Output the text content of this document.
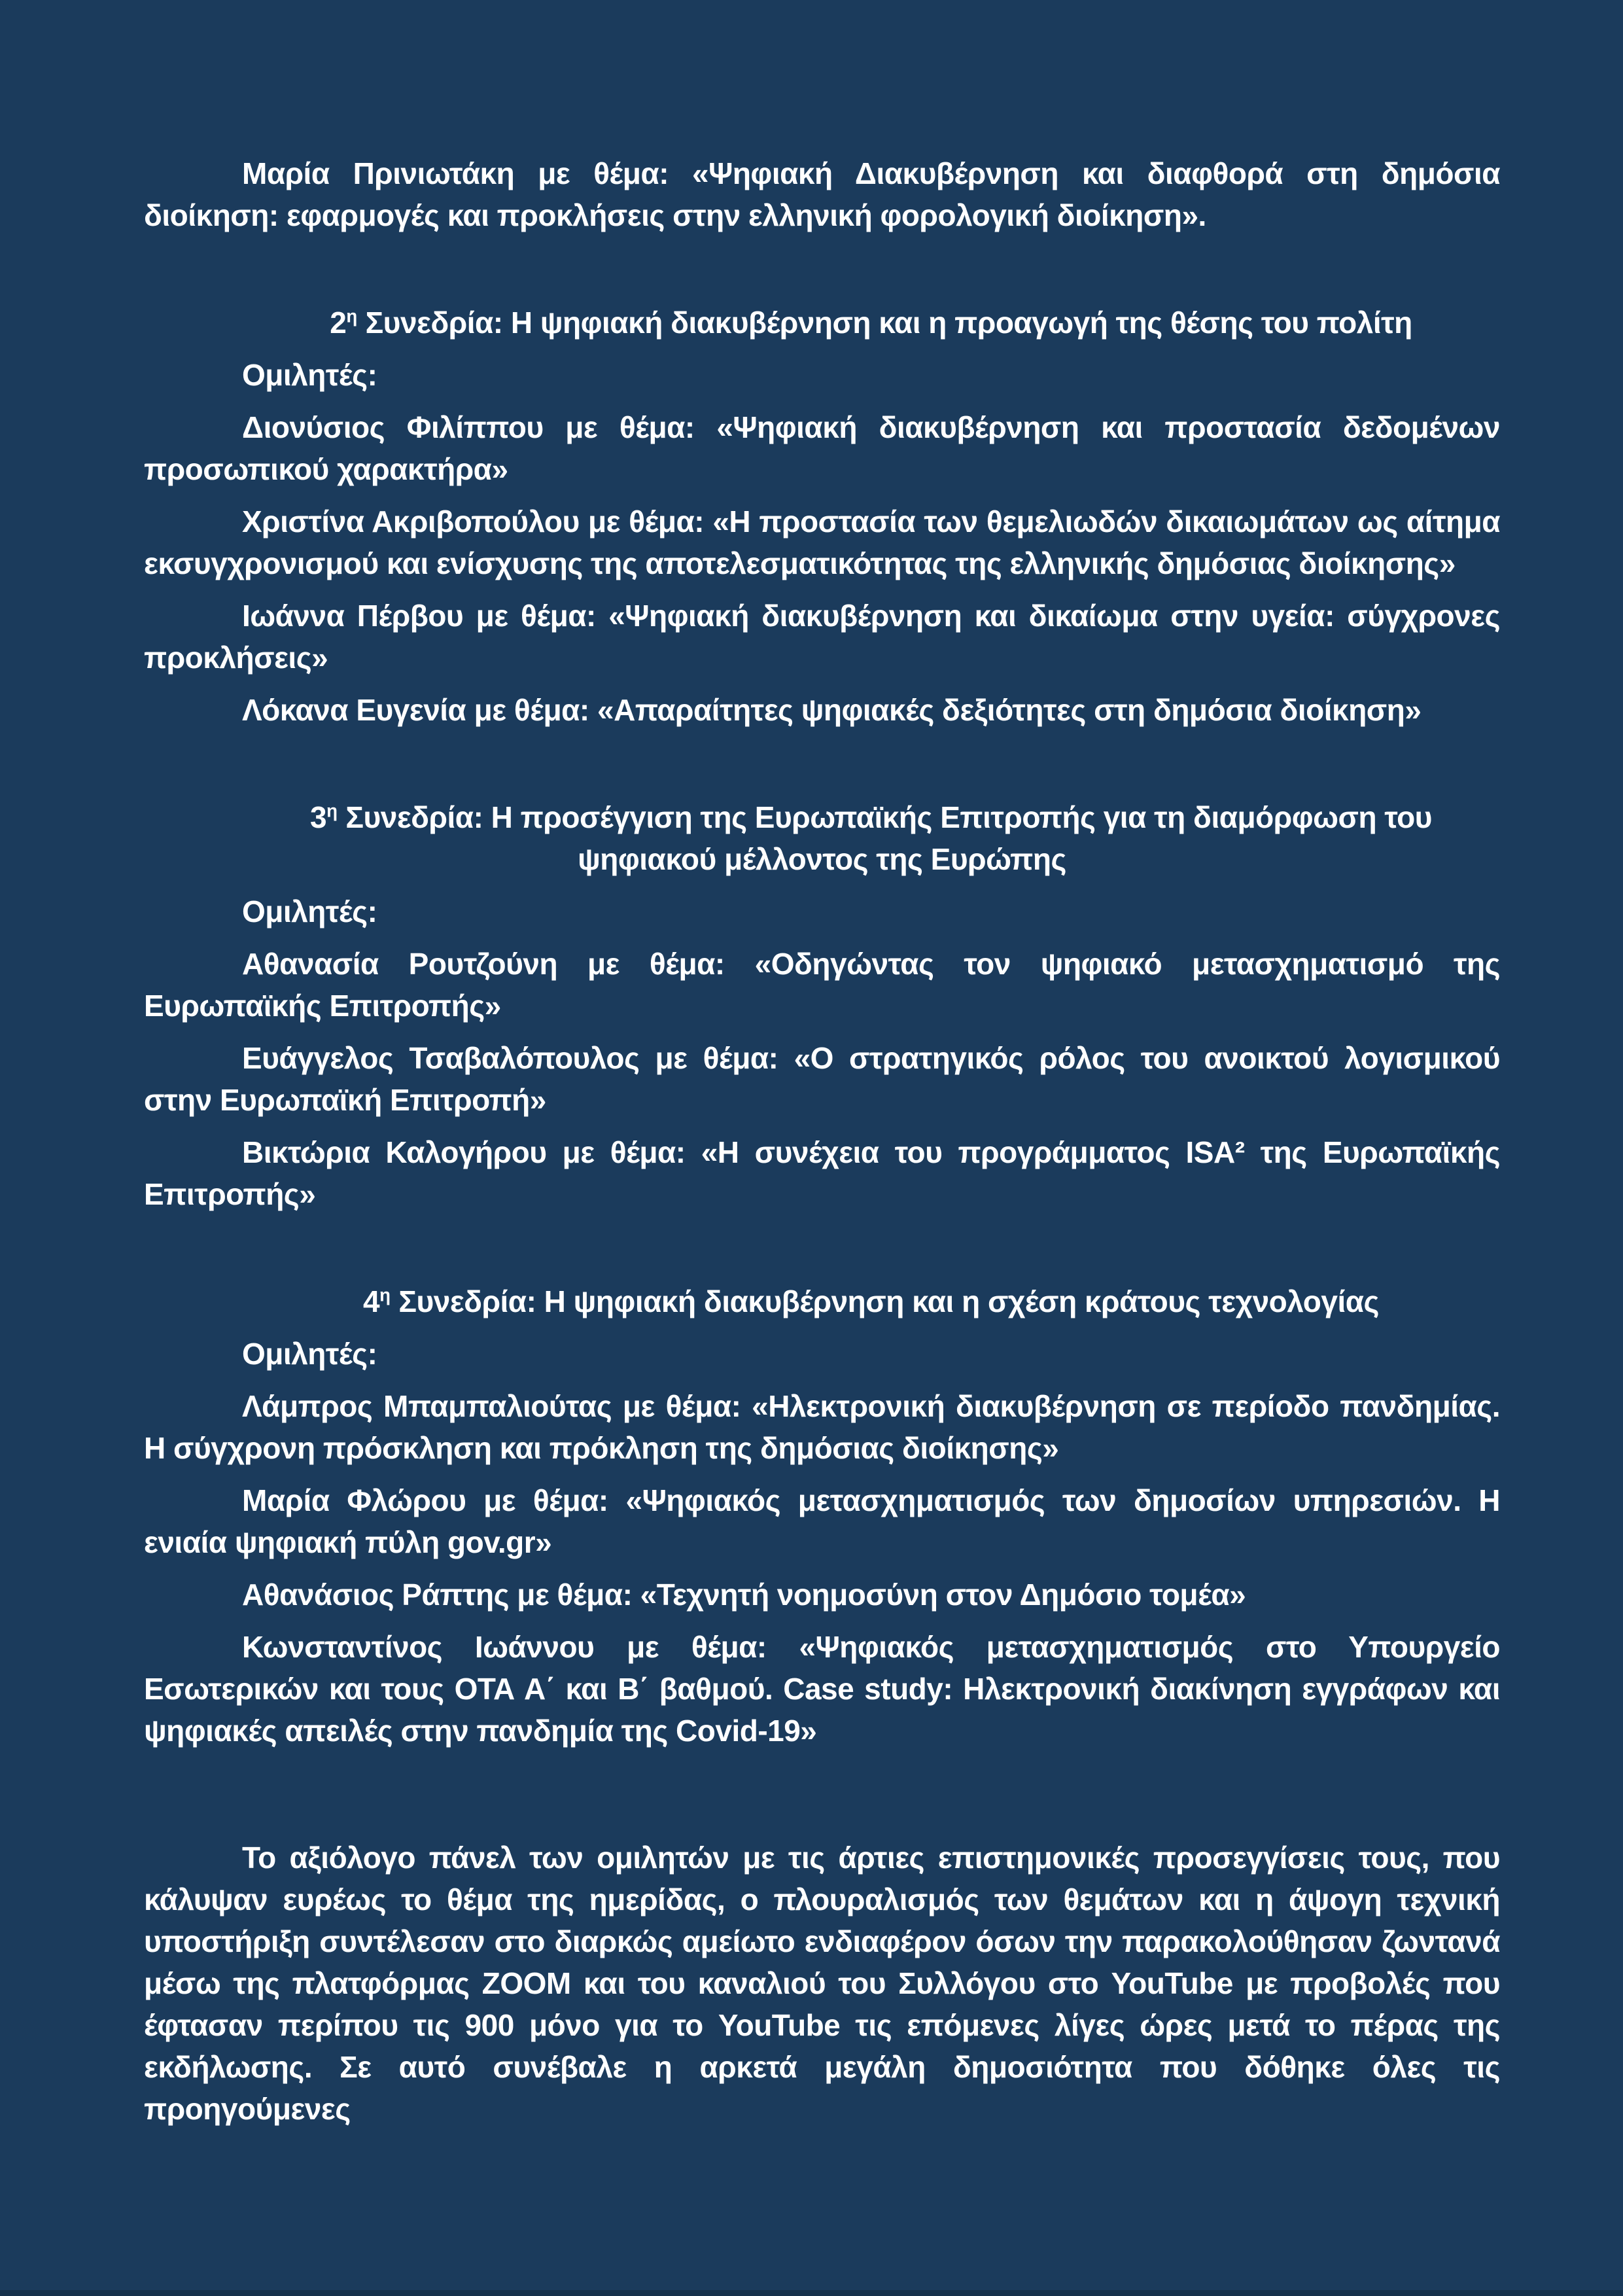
Μαρία Πρινιωτάκη με θέμα: «Ψηφιακή Διακυβέρνηση και διαφθορά στη δημόσια διοίκηση: εφαρμογές και προκλήσεις στην ελληνική φορολογική διοίκηση».

$2^\eta$ Συνεδρία: Η ψηφιακή διακυβέρνηση και η προαγωγή της θέσης του πολίτη

Ομιλητές:

Διονύσιος Φιλίππου με θέμα: «Ψηφιακή διακυβέρνηση και προστασία δεδομένων προσωπικού χαρακτήρα»

Χριστίνα Ακριβοπούλου με θέμα: «Η προστασία των θεμελιωδών δικαιωμάτων ως αίτημα εκσυγχρονισμού και ενίσχυσης της αποτελεσματικότητας της ελληνικής δημόσιας διοίκησης»

Ιωάννα Πέρβου με θέμα: «Ψηφιακή διακυβέρνηση και δικαίωμα στην υγεία: σύγχρονες προκλήσεις»

Λόκανα Ευγενία με θέμα: «Απαραίτητες ψηφιακές δεξιότητες στη δημόσια διοίκηση»

$3^\eta$ Συνεδρία: Η προσέγγιση της Ευρωπαϊκής Επιτροπής για τη διαμόρφωση του ψηφιακού μέλλοντος της Ευρώπης

Ομιλητές:

Αθανασία Ρουτζούνη με θέμα: «Οδηγώντας τον ψηφιακό μετασχηματισμό της Ευρωπαϊκής Επιτροπής»

Ευάγγελος Τσαβαλόπουλος με θέμα: «Ο στρατηγικός ρόλος του ανοικτού λογισμικού στην Ευρωπαϊκή Επιτροπή»

Βικτώρια Καλογήρου με θέμα: «Η συνέχεια του προγράμματος ISA² της Ευρωπαϊκής Επιτροπής»

$4^\eta$ Συνεδρία: Η ψηφιακή διακυβέρνηση και η σχέση κράτους τεχνολογίας

Ομιλητές:

Λάμπρος Μπαμπαλιούτας με θέμα: «Ηλεκτρονική διακυβέρνηση σε περίοδο πανδημίας. Η σύγχρονη πρόσκληση και πρόκληση της δημόσιας διοίκησης»

Μαρία Φλώρου με θέμα: «Ψηφιακός μετασχηματισμός των δημοσίων υπηρεσιών. Η ενιαία ψηφιακή πύλη gov.gr»

Αθανάσιος Ράπτης με θέμα: «Τεχνητή νοημοσύνη στον Δημόσιο τομέα»

Κωνσταντίνος Ιωάννου με θέμα: «Ψηφιακός μετασχηματισμός στο Υπουργείο Εσωτερικών και τους ΟΤΑ Α΄ και Β΄ βαθμού. Case study: Ηλεκτρονική διακίνηση εγγράφων και ψηφιακές απειλές στην πανδημία της Covid-19»

Το αξιόλογο πάνελ των ομιλητών με τις άρτιες επιστημονικές προσεγγίσεις τους, που κάλυψαν ευρέως το θέμα της ημερίδας, ο πλουραλισμός των θεμάτων και η άψογη τεχνική υποστήριξη συντέλεσαν στο διαρκώς αμείωτο ενδιαφέρον όσων την παρακολούθησαν ζωντανά μέσω της πλατφόρμας ZOOM και του καναλιού του Συλλόγου στο YouTube με προβολές που έφτασαν περίπου τις 900 μόνο για το YouTube τις επόμενες λίγες ώρες μετά το πέρας της εκδήλωσης. Σε αυτό συνέβαλε η αρκετά μεγάλη δημοσιότητα που δόθηκε όλες τις προηγούμενες
